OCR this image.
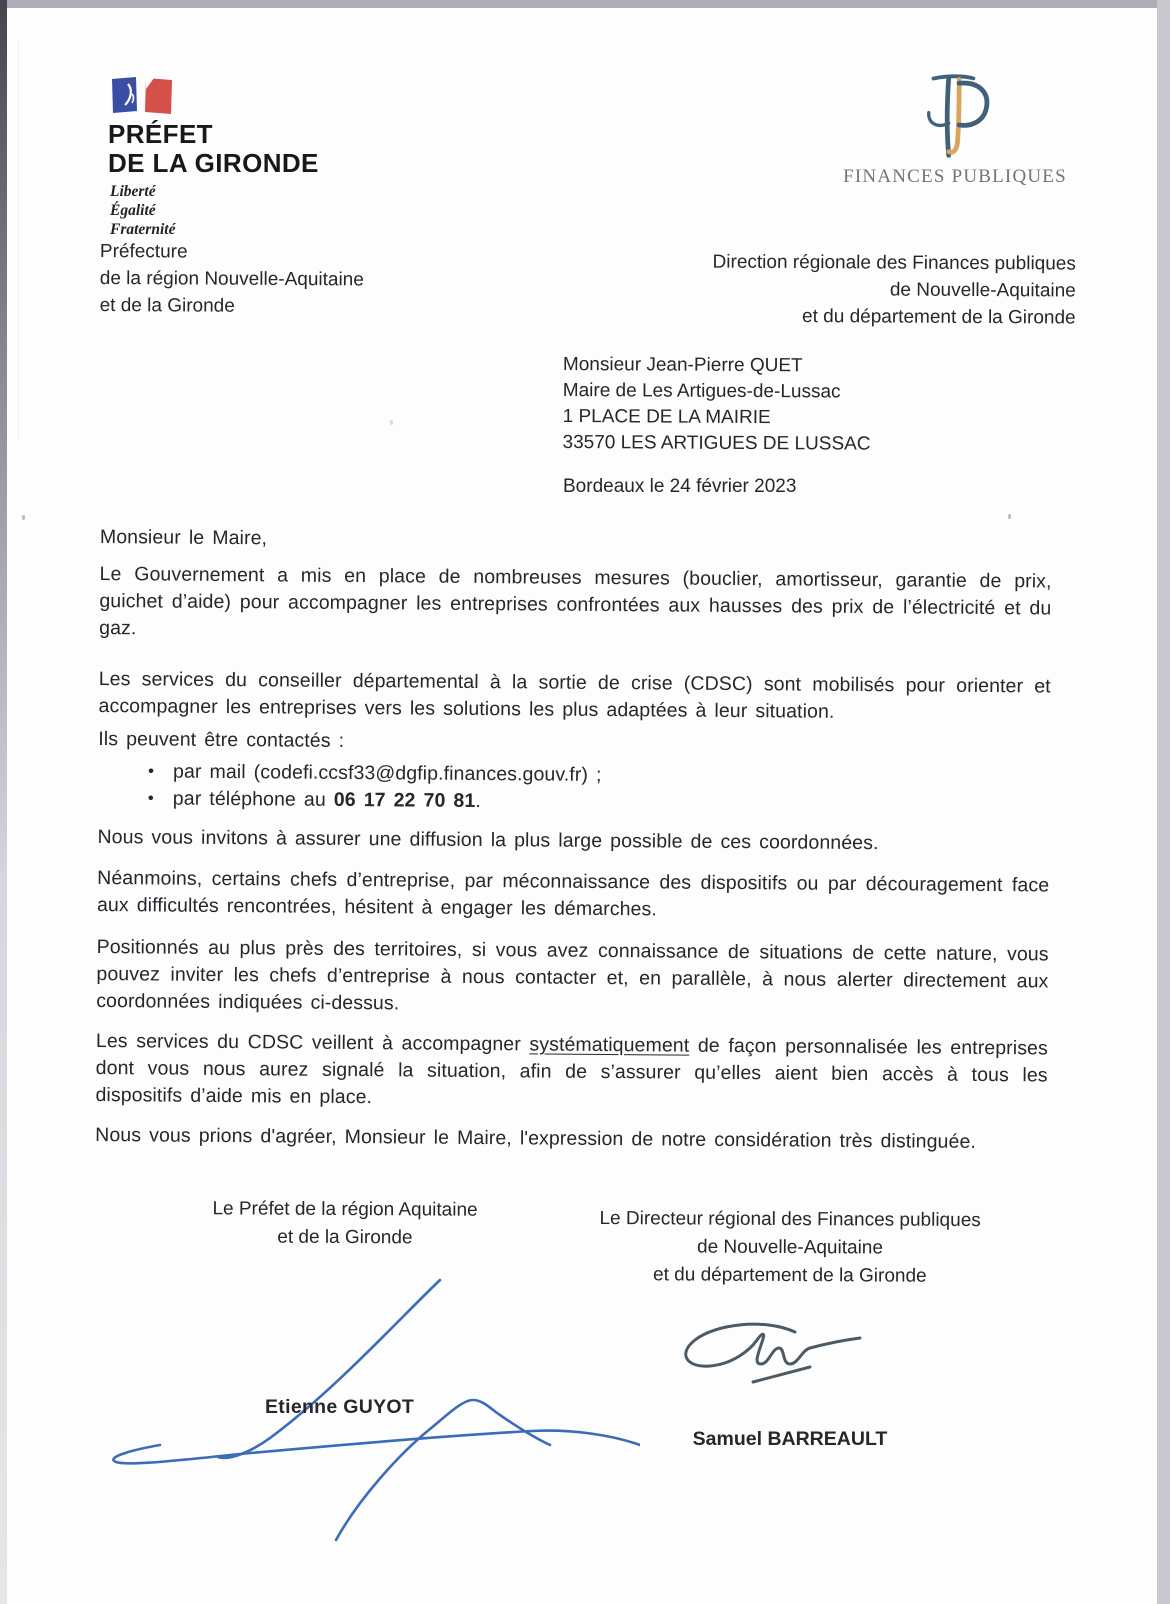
PRÉFET
DE LA GIRONDE
Liberté
Égalité
Fraternité
FINANCES PUBLIQUES
Préfecture
de la région Nouvelle-Aquitaine
et de la Gironde
Direction régionale des Finances publiques
de Nouvelle-Aquitaine
et du département de la Gironde
Monsieur Jean-Pierre QUET
Maire de Les Artigues-de-Lussac
1 PLACE DE LA MAIRIE
33570 LES ARTIGUES DE LUSSAC
Bordeaux le 24 février 2023

Monsieur le Maire,

Le Gouvernement a mis en place de nombreuses mesures (bouclier, amortisseur, garantie de prix, guichet d’aide) pour accompagner les entreprises confrontées aux hausses des prix de l’électricité et du gaz.

Les services du conseiller départemental à la sortie de crise (CDSC) sont mobilisés pour orienter et accompagner les entreprises vers les solutions les plus adaptées à leur situation.

Ils peuvent être contactés :

• par mail (codefi.ccsf33@dgfip.finances.gouv.fr) ;
• par téléphone au 06 17 22 70 81.

Nous vous invitons à assurer une diffusion la plus large possible de ces coordonnées.

Néanmoins, certains chefs d’entreprise, par méconnaissance des dispositifs ou par découragement face aux difficultés rencontrées, hésitent à engager les démarches.

Positionnés au plus près des territoires, si vous avez connaissance de situations de cette nature, vous pouvez inviter les chefs d’entreprise à nous contacter et, en parallèle, à nous alerter directement aux coordonnées indiquées ci-dessus.

Les services du CDSC veillent à accompagner systématiquement de façon personnalisée les entreprises dont vous nous aurez signalé la situation, afin de s’assurer qu’elles aient bien accès à tous les dispositifs d’aide mis en place.

Nous vous prions d'agréer, Monsieur le Maire, l'expression de notre considération très distinguée.

Le Préfet de la région Aquitaine
et de la Gironde
Le Directeur régional des Finances publiques
de Nouvelle-Aquitaine
et du département de la Gironde
Etienne GUYOT
Samuel BARREAULT
